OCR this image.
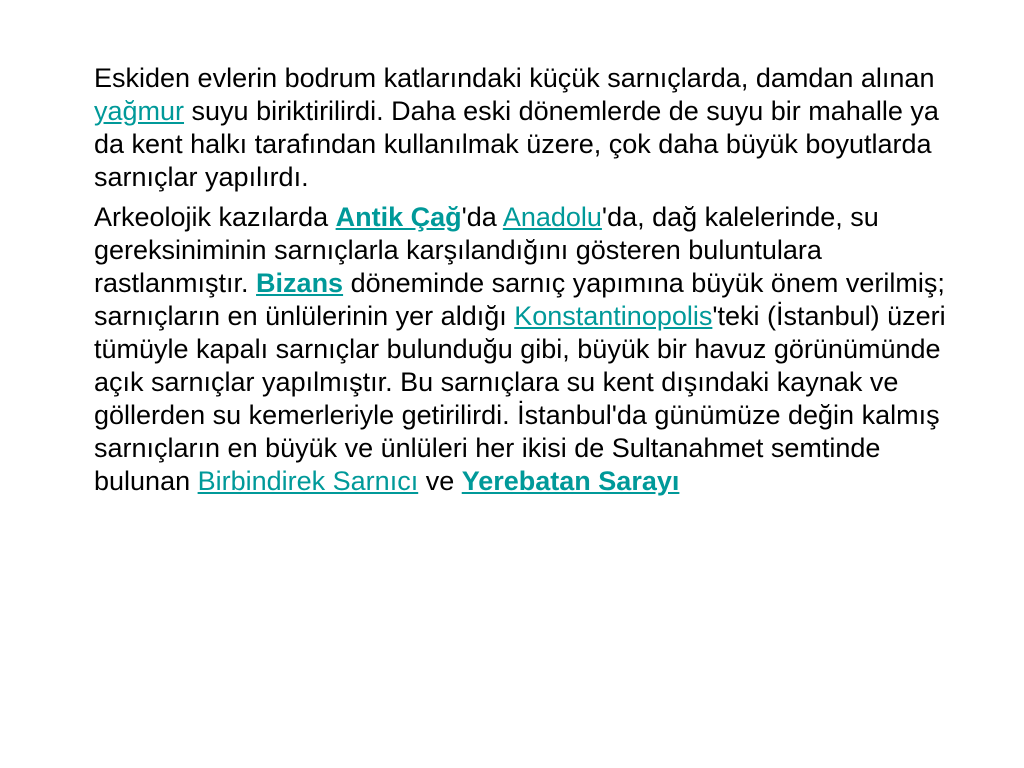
Eskiden evlerin bodrum katlarındaki küçük sarnıçlarda, damdan alınan yağmur suyu biriktirilirdi. Daha eski dönemlerde de suyu bir mahalle ya da kent halkı tarafından kullanılmak üzere, çok daha büyük boyutlarda sarnıçlar yapılırdı.

Arkeolojik kazılarda Antik Çağ'da Anadolu'da, dağ kalelerinde, su gereksiniminin sarnıçlarla karşılandığını gösteren buluntulara rastlanmıştır. Bizans döneminde sarnıç yapımına büyük önem verilmiş; sarnıçların en ünlülerinin yer aldığı Konstantinopolis'teki (İstanbul) üzeri tümüyle kapalı sarnıçlar bulunduğu gibi, büyük bir havuz görünümünde açık sarnıçlar yapılmıştır. Bu sarnıçlara su kent dışındaki kaynak ve göllerden su kemerleriyle getirilirdi. İstanbul'da günümüze değin kalmış sarnıçların en büyük ve ünlüleri her ikisi de Sultanahmet semtinde bulunan Birbindirek Sarnıcı ve Yerebatan Sarayı
